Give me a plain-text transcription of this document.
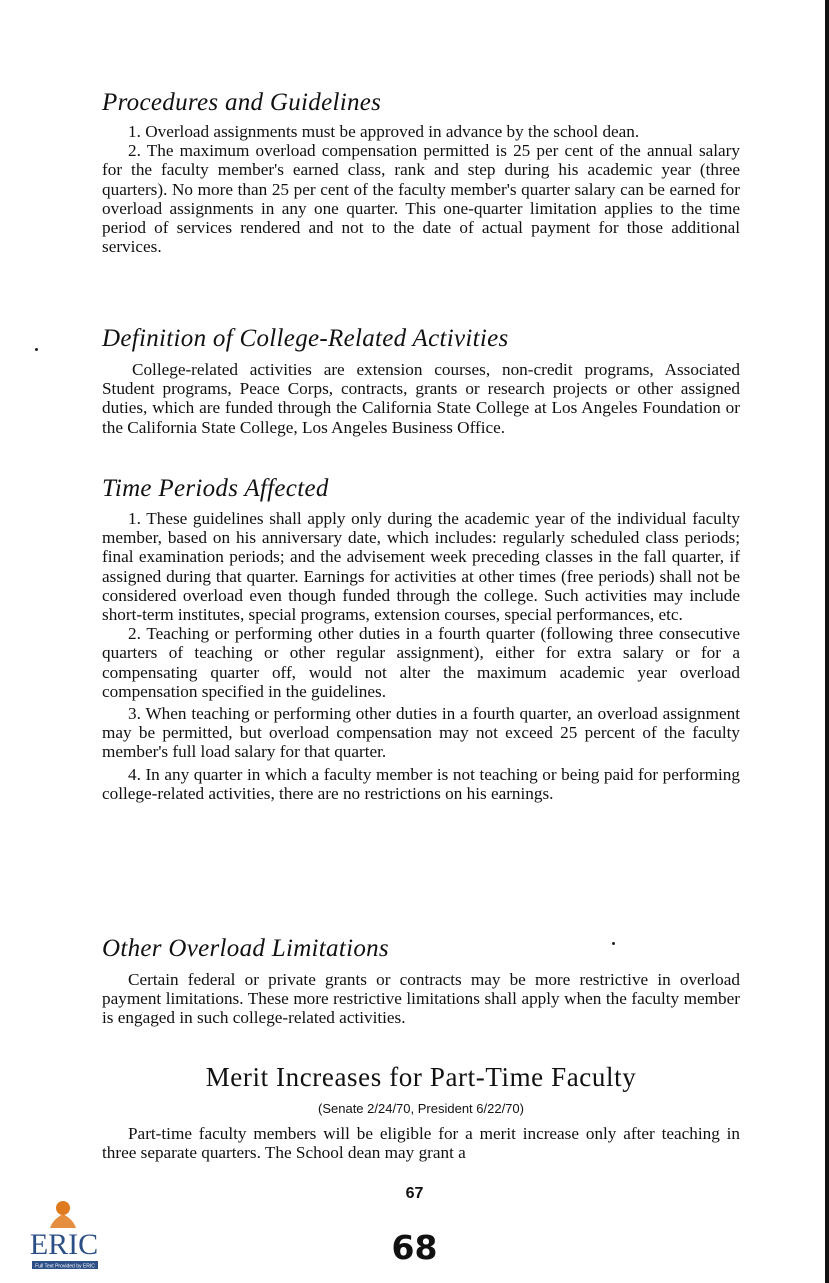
Procedures and Guidelines

1. Overload assignments must be approved in advance by the school dean.

2. The maximum overload compensation permitted is 25 per cent of the annual salary for the faculty member's earned class, rank and step during his academic year (three quarters). No more than 25 per cent of the faculty member's quarter salary can be earned for overload assignments in any one quarter. This one-quarter limitation applies to the time period of services rendered and not to the date of actual payment for those additional services.

Definition of College-Related Activities

College-related activities are extension courses, non-credit programs, Associated Student programs, Peace Corps, contracts, grants or research projects or other assigned duties, which are funded through the California State College at Los Angeles Foundation or the California State College, Los Angeles Business Office.

Time Periods Affected

1. These guidelines shall apply only during the academic year of the individual faculty member, based on his anniversary date, which includes: regularly scheduled class periods; final examination periods; and the advisement week preceding classes in the fall quarter, if assigned during that quarter. Earnings for activities at other times (free periods) shall not be considered overload even though funded through the college. Such activities may include short-term institutes, special programs, extension courses, special performances, etc.

2. Teaching or performing other duties in a fourth quarter (following three consecutive quarters of teaching or other regular assignment), either for extra salary or for a compensating quarter off, would not alter the maximum academic year overload compensation specified in the guidelines.

3. When teaching or performing other duties in a fourth quarter, an overload assignment may be permitted, but overload compensation may not exceed 25 percent of the faculty member's full load salary for that quarter.

4. In any quarter in which a faculty member is not teaching or being paid for performing college-related activities, there are no restrictions on his earnings.

Other Overload Limitations

Certain federal or private grants or contracts may be more restrictive in overload payment limitations. These more restrictive limitations shall apply when the faculty member is engaged in such college-related activities.

Merit Increases for Part-Time Faculty
(Senate 2/24/70, President 6/22/70)

Part-time faculty members will be eligible for a merit increase only after teaching in three separate quarters. The School dean may grant a

67
68
ERIC
Full Text Provided by ERIC
